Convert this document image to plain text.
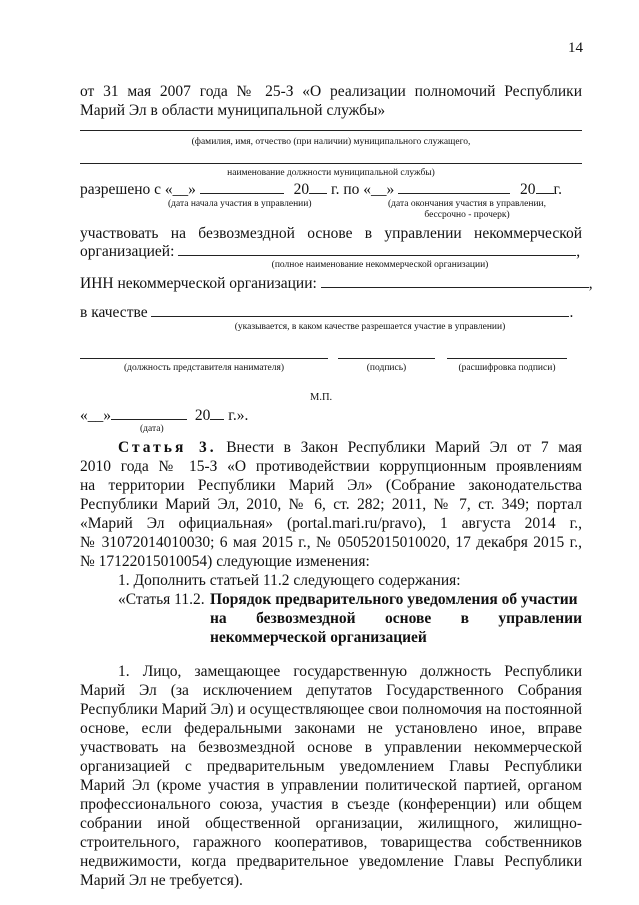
14
от 31 мая 2007 года № 25-З «О реализации полномочий Республики
Марий Эл в области муниципальной службы»
(фамилия, имя, отчество (при наличии) муниципального служащего,
наименование должности муниципальной службы)
разрешено с «__»	20 г. по «__»	20 г.
(дата начала участия в управлении)	(дата окончания участия в управлении,
бессрочно - прочерк)
участвовать на безвозмездной основе в управлении некоммерческой
организацией:	,
(полное наименование некоммерческой организации)
ИНН некоммерческой организации:	,
в качестве	.
(указывается, в каком качестве разрешается участие в управлении)
(должность представителя нанимателя)	(подпись)	(расшифровка подписи)
М.П.
«__»	20 г.».
(дата)
Статья 3. Внести в Закон Республики Марий Эл от 7 мая
2010 года № 15-З «О противодействии коррупционным проявлениям
на территории Республики Марий Эл» (Собрание законодательства
Республики Марий Эл, 2010, № 6, ст. 282; 2011, № 7, ст. 349; портал
«Марий Эл официальная» (portal.mari.ru/pravo), 1 августа 2014 г.,
№ 31072014010030; 6 мая 2015 г., № 05052015010020, 17 декабря 2015 г.,
№ 17122015010054) следующие изменения:
1. Дополнить статьей 11.2 следующего содержания:
«Статья 11.2. Порядок предварительного уведомления об участии
на безвозмездной основе в управлении
некоммерческой организацией
1. Лицо, замещающее государственную должность Республики
Марий Эл (за исключением депутатов Государственного Собрания
Республики Марий Эл) и осуществляющее свои полномочия на постоянной
основе, если федеральными законами не установлено иное, вправе
участвовать на безвозмездной основе в управлении некоммерческой
организацией с предварительным уведомлением Главы Республики
Марий Эл (кроме участия в управлении политической партией, органом
профессионального союза, участия в съезде (конференции) или общем
собрании иной общественной организации, жилищного, жилищно-
строительного, гаражного кооперативов, товарищества собственников
недвижимости, когда предварительное уведомление Главы Республики
Марий Эл не требуется).
